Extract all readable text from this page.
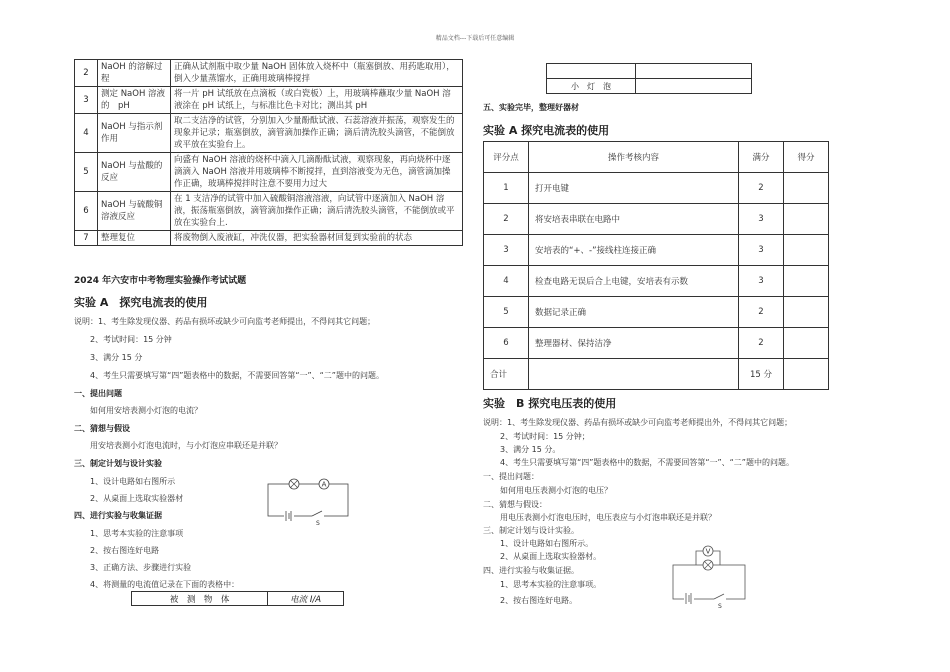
精品文档---下载后可任意编辑
2	NaOH 的溶解过程	正确从试剂瓶中取少量 NaOH 固体放入烧杯中（瓶塞倒放、用药匙取用），倒入少量蒸馏水，正确用玻璃棒搅拌
3	测定 NaOH 溶液的　pH	将一片 pH 试纸放在点滴板（或白瓷板）上，用玻璃棒蘸取少量 NaOH 溶液涂在 pH 试纸上，与标准比色卡对比；测出其 pH
4	NaOH 与指示剂作用	取二支洁净的试管，分别加入少量酚酞试液、石蕊溶液并振荡，观察发生的现象并记录；瓶塞倒放，滴管滴加操作正确；滴后清洗胶头滴管，不能倒放或平放在实验台上。
5	NaOH 与盐酸的反应	向盛有 NaOH 溶液的烧杯中滴入几滴酚酞试液，观察现象，再向烧杯中逐滴滴入 NaOH 溶液并用玻璃棒不断搅拌，直到溶液变为无色，滴管滴加操作正确，玻璃棒搅拌时注意不要用力过大
6	NaOH 与硫酸铜溶液反应	在 1 支洁净的试管中加入硫酸铜溶液溶液，向试管中逐滴加入 NaOH 溶液，振荡瓶塞倒放，滴管滴加操作正确；滴后清洗胶头滴管，不能倒放或平放在实验台上.
7	整理复位	将废物倒入废液缸，冲洗仪器，把实验器材回复到实验前的状态
2024 年六安市中考物理实验操作考试试题
实验 A　探究电流表的使用
说明：1、考生除发现仪器、药品有损坏或缺少可向监考老师提出，不得问其它问题；
2、考试时间：15 分钟
3、满分 15 分
4、考生只需要填写第“四”题表格中的数据，不需要回答第“一”、“二”题中的问题。
一、提出问题
如何用安培表测小灯泡的电流？
二、猜想与假设
用安培表测小灯泡电流时，与小灯泡应串联还是并联？
三、制定计划与设计实验
1、设计电路如右图所示
2、从桌面上选取实验器材
四、进行实验与收集证据
1、思考本实验的注意事项
2、按右图连好电路
3、正确方法、步骤进行实验
4、将测量的电流值记录在下面的表格中：
A
S
被　测　物　体	电流 I/A

小　灯　泡	
五、实验完毕，整理好器材
实验 A 探究电流表的使用
评分点	操作考核内容	满分	得分
1	打开电键	2	
2	将安培表串联在电路中	3	
3	安培表的“+、-”接线柱连接正确	3	
4	检查电路无误后合上电键，安培表有示数	3	
5	数据记录正确	2	
6	整理器材、保持洁净	2	
合计		15 分	
实验　B 探究电压表的使用
说明：1、考生除发现仪器、药品有损坏或缺少可向监考老师提出外，不得问其它问题；
2、考试时间：15 分钟；
3、满分 15 分。
4、考生只需要填写第“四”题表格中的数据，不需要回答第“一”、“二”题中的问题。
一、提出问题：
如何用电压表测小灯泡的电压？
二、猜想与假设：
用电压表测小灯泡电压时，电压表应与小灯泡串联还是并联？
三、制定计划与设计实验。
1、设计电路如右图所示。
2、从桌面上选取实验器材。
四、进行实验与收集证据。
1、思考本实验的注意事项。
2、按右图连好电路。
V
S
